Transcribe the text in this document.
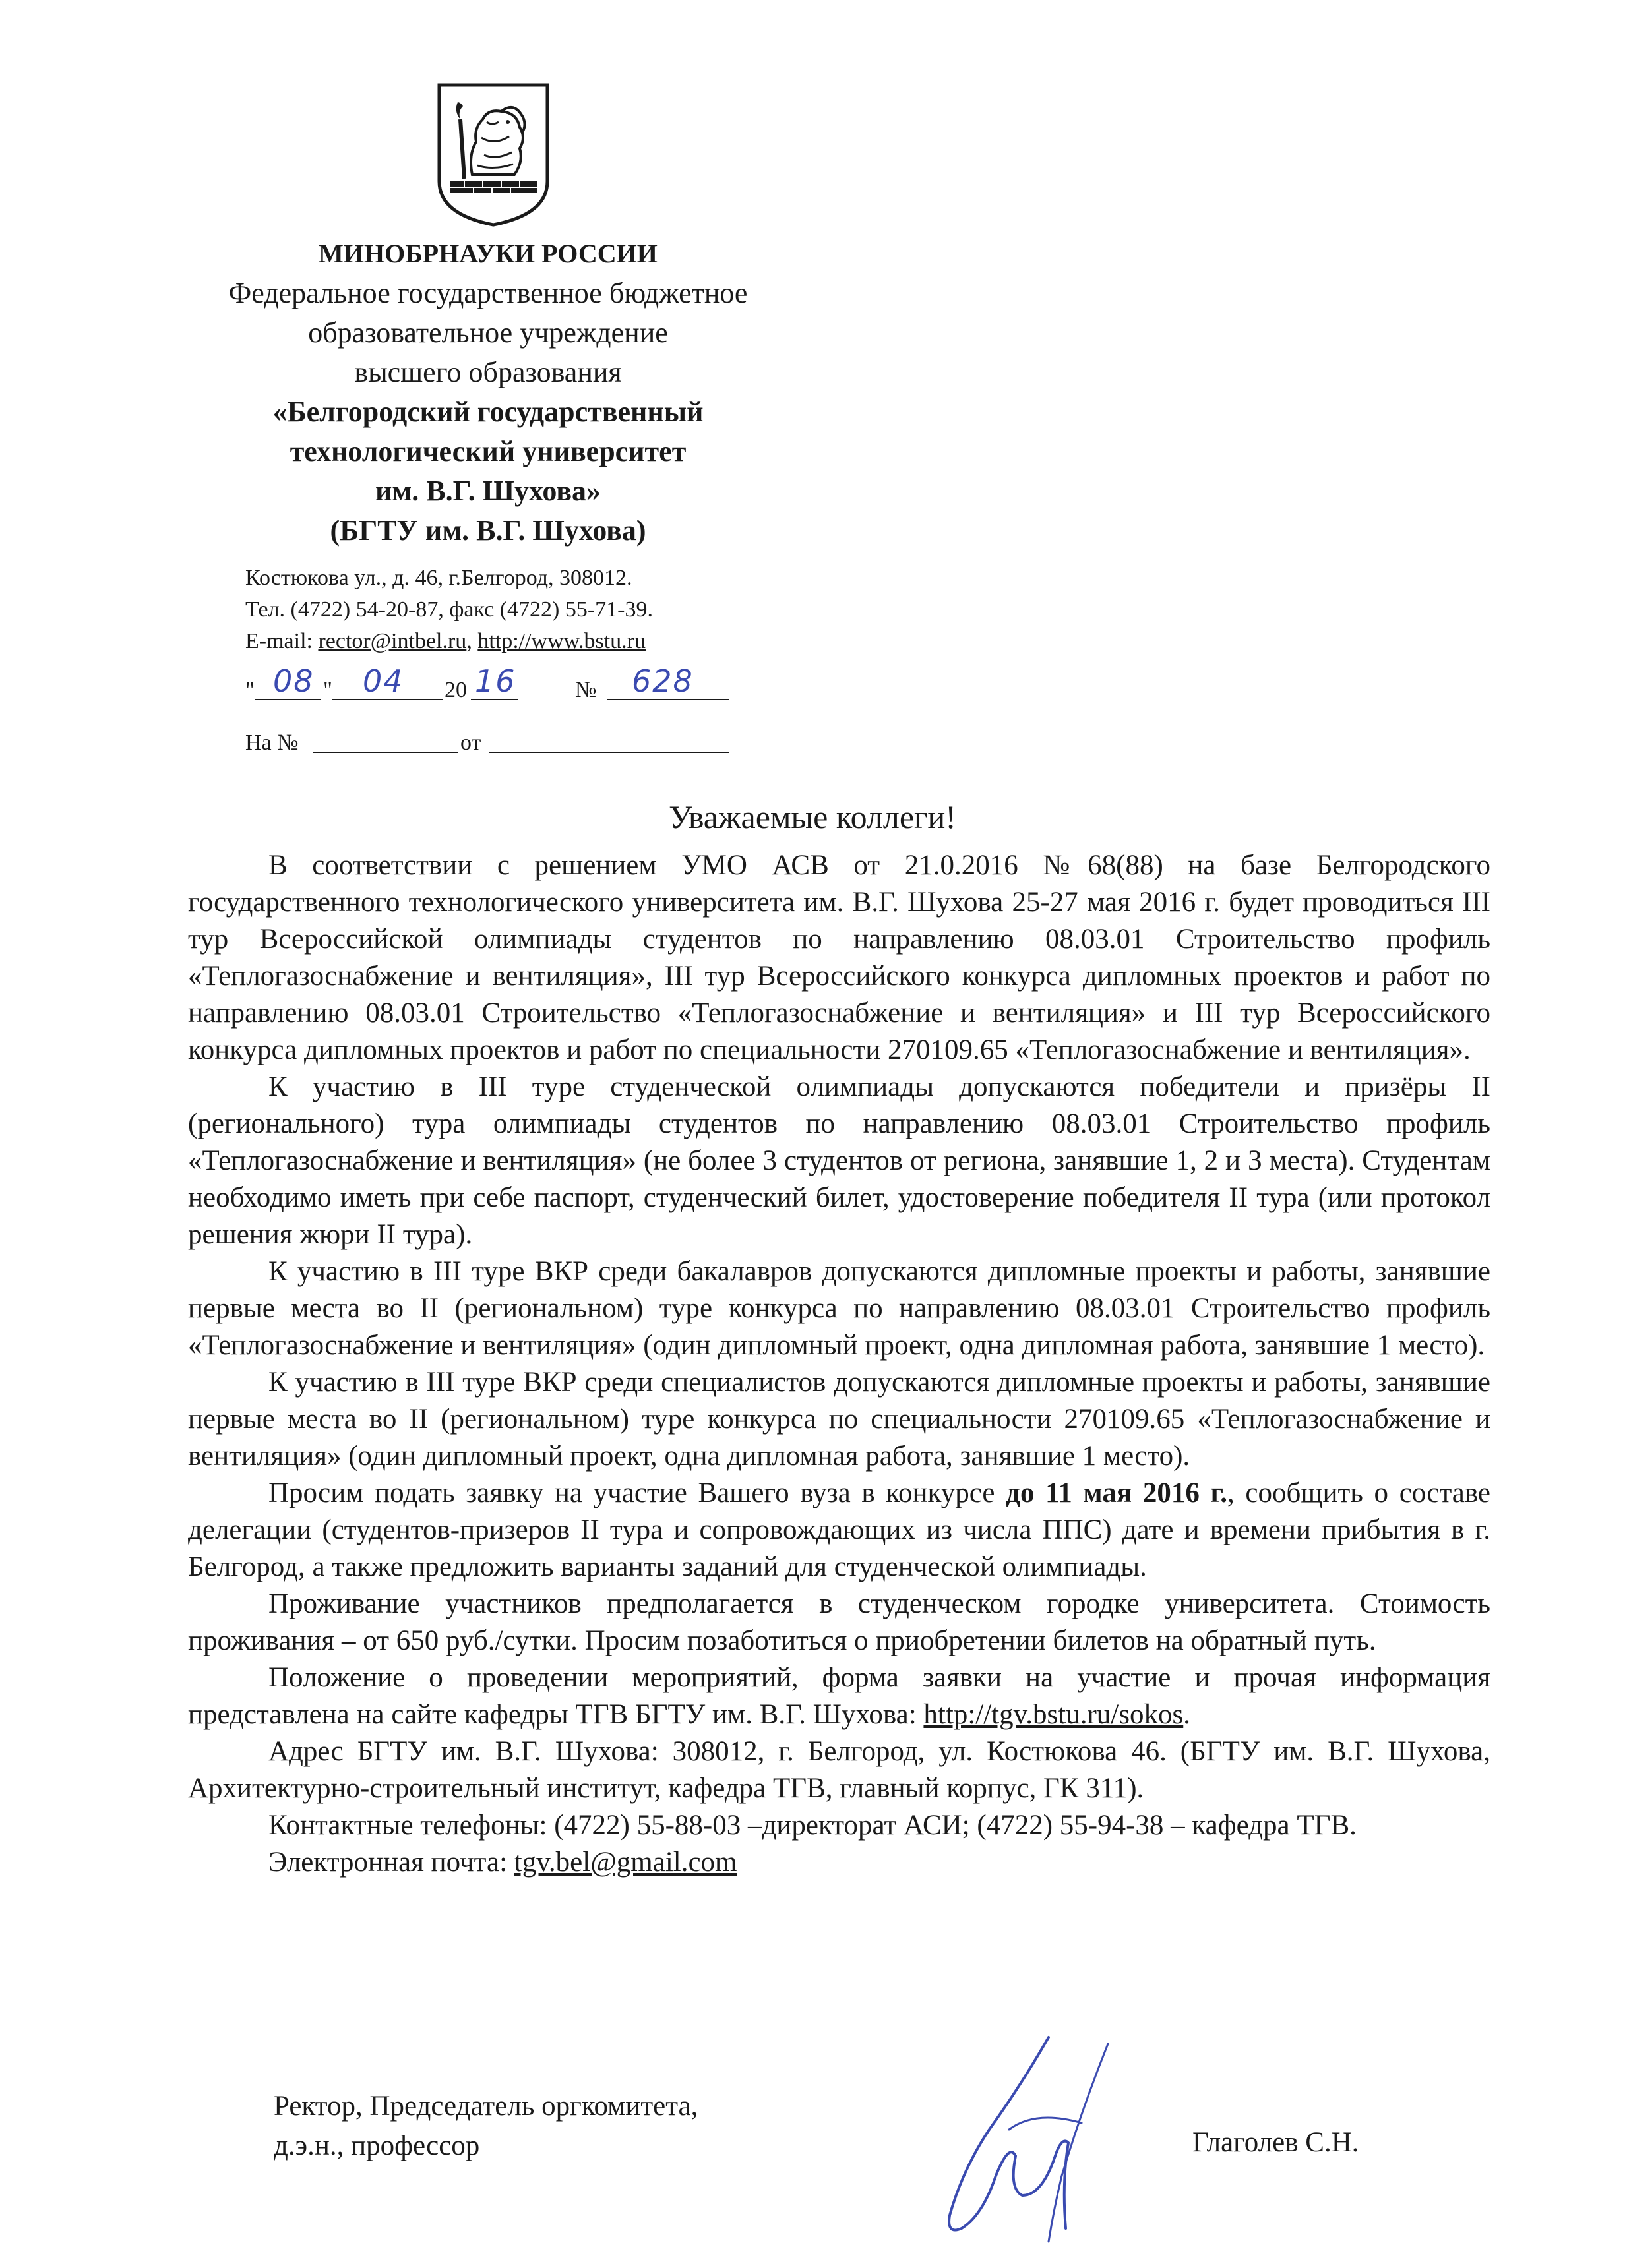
МИНОБРНАУКИ РОССИИ
Федеральное государственное бюджетное
образовательное учреждение
высшего образования
«Белгородский государственный
технологический университет
им. В.Г. Шухова»
(БГТУ им. В.Г. Шухова)
Костюкова ул., д. 46, г.Белгород, 308012.
Тел. (4722) 54-20-87, факс (4722) 55-71-39.
E-mail: rector@intbel.ru, http://www.bstu.ru
" 08 " 04 20 16	№ 628
На №	от
Уважаемые коллеги!

В соответствии с решением УМО АСВ от 21.0.2016 №68(88) на базе Белгородского государственного технологического университета им. В.Г. Шухова 25-27 мая 2016 г. будет проводиться III тур Всероссийской олимпиады студентов по направлению 08.03.01 Строительство профиль «Теплогазоснабжение и вентиляция», III тур Всероссийского конкурса дипломных проектов и работ по направлению 08.03.01 Строительство «Теплогазоснабжение и вентиляция» и III тур Всероссийского конкурса дипломных проектов и работ по специальности 270109.65 «Теплогазоснабжение и вентиляция».

К участию в III туре студенческой олимпиады допускаются победители и призёры II (регионального) тура олимпиады студентов по направлению 08.03.01 Строительство профиль «Теплогазоснабжение и вентиляция» (не более 3 студентов от региона, занявшие 1, 2 и 3 места). Студентам необходимо иметь при себе паспорт, студенческий билет, удостоверение победителя II тура (или протокол решения жюри II тура).

К участию в III туре ВКР среди бакалавров допускаются дипломные проекты и работы, занявшие первые места во II (региональном) туре конкурса по направлению 08.03.01 Строительство профиль «Теплогазоснабжение и вентиляция» (один дипломный проект, одна дипломная работа, занявшие 1 место).

К участию в III туре ВКР среди специалистов допускаются дипломные проекты и работы, занявшие первые места во II (региональном) туре конкурса по специальности 270109.65 «Теплогазоснабжение и вентиляция» (один дипломный проект, одна дипломная работа, занявшие 1 место).

Просим подать заявку на участие Вашего вуза в конкурсе до 11 мая 2016 г., сообщить о составе делегации (студентов-призеров II тура и сопровождающих из числа ППС) дате и времени прибытия в г. Белгород, а также предложить варианты заданий для студенческой олимпиады.

Проживание участников предполагается в студенческом городке университета. Стоимость проживания – от 650 руб./сутки. Просим позаботиться о приобретении билетов на обратный путь.

Положение о проведении мероприятий, форма заявки на участие и прочая информация представлена на сайте кафедры ТГВ БГТУ им. В.Г. Шухова: http://tgv.bstu.ru/sokos.

Адрес БГТУ им. В.Г. Шухова: 308012, г. Белгород, ул. Костюкова 46. (БГТУ им. В.Г. Шухова, Архитектурно-строительный институт, кафедра ТГВ, главный корпус, ГК 311).

Контактные телефоны: (4722) 55-88-03 –директорат АСИ; (4722) 55-94-38 – кафедра ТГВ.

Электронная почта: tgv.bel@gmail.com

Ректор, Председатель оргкомитета,
д.э.н., профессор	Глаголев С.Н.
